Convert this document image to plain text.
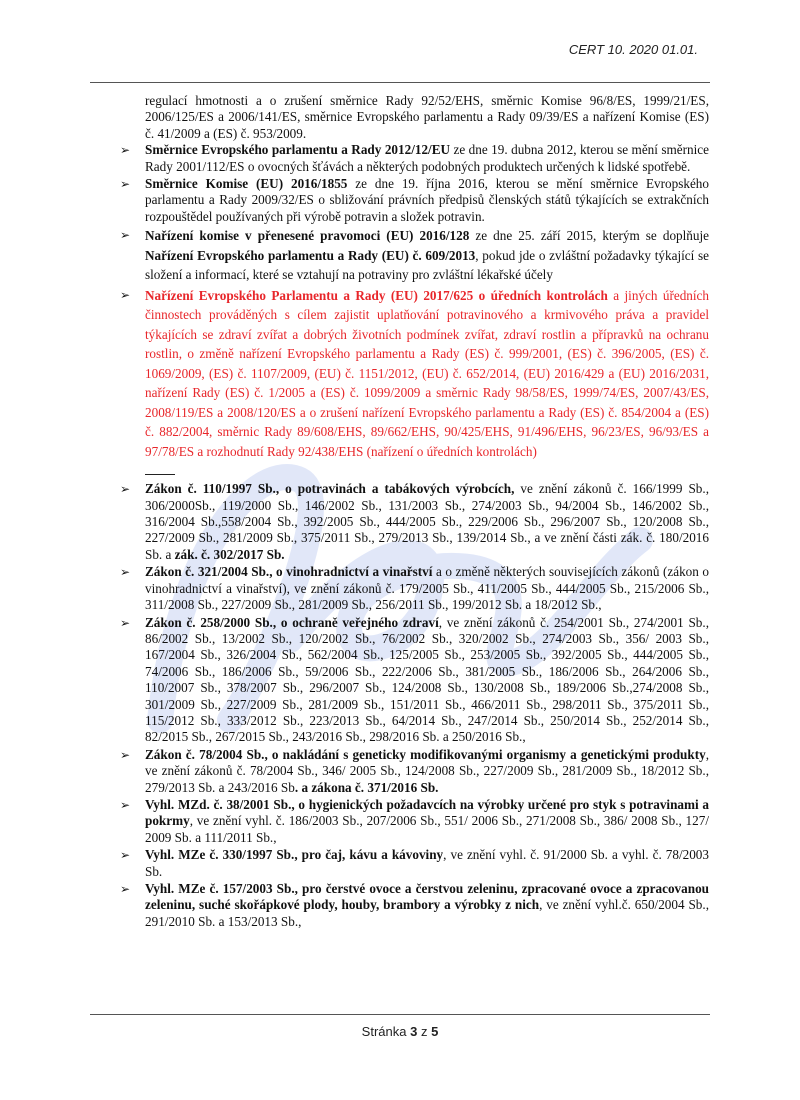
CERT 10. 2020 01.01.
regulací hmotnosti a o zrušení směrnice Rady 92/52/EHS, směrnic Komise 96/8/ES, 1999/21/ES, 2006/125/ES a 2006/141/ES, směrnice Evropského parlamentu a Rady 09/39/ES a nařízení Komise (ES) č. 41/2009 a (ES) č. 953/2009.
➢ Směrnice Evropského parlamentu a Rady 2012/12/EU ze dne 19. dubna 2012, kterou se mění směrnice Rady 2001/112/ES o ovocných šťávách a některých podobných produktech určených k lidské spotřebě.
➢ Směrnice Komise (EU) 2016/1855 ze dne 19. října 2016, kterou se mění směrnice Evropského parlamentu a Rady 2009/32/ES o sbližování právních předpisů členských států týkajících se extrakčních rozpouštědel používaných při výrobě potravin a složek potravin.
➢ Nařízení komise v přenesené pravomoci (EU) 2016/128 ze dne 25. září 2015, kterým se doplňuje Nařízení Evropského parlamentu a Rady (EU) č. 609/2013, pokud jde o zvláštní požadavky týkající se složení a informací, které se vztahují na potraviny pro zvláštní lékařské účely
➢ Nařízení Evropského Parlamentu a Rady (EU) 2017/625 o úředních kontrolách a jiných úředních činnostech prováděných s cílem zajistit uplatňování potravinového a krmivového práva a pravidel týkajících se zdraví zvířat a dobrých životních podmínek zvířat, zdraví rostlin a přípravků na ochranu rostlin, o změně nařízení Evropského parlamentu a Rady (ES) č. 999/2001, (ES) č. 396/2005, (ES) č. 1069/2009, (ES) č. 1107/2009, (EU) č. 1151/2012, (EU) č. 652/2014, (EU) 2016/429 a (EU) 2016/2031, nařízení Rady (ES) č. 1/2005 a (ES) č. 1099/2009 a směrnic Rady 98/58/ES, 1999/74/ES, 2007/43/ES, 2008/119/ES a 2008/120/ES a o zrušení nařízení Evropského parlamentu a Rady (ES) č. 854/2004 a (ES) č. 882/2004, směrnic Rady 89/608/EHS, 89/662/EHS, 90/425/EHS, 91/496/EHS, 96/23/ES, 96/93/ES a 97/78/ES a rozhodnutí Rady 92/438/EHS (nařízení o úředních kontrolách)
➢ Zákon č. 110/1997 Sb., o potravinách a tabákových výrobcích, ve znění zákonů č. 166/1999 Sb., 306/2000Sb., 119/2000 Sb., 146/2002 Sb., 131/2003 Sb., 274/2003 Sb., 94/2004 Sb., 146/2002 Sb., 316/2004 Sb.,558/2004 Sb., 392/2005 Sb., 444/2005 Sb., 229/2006 Sb., 296/2007 Sb., 120/2008 Sb., 227/2009 Sb., 281/2009 Sb., 375/2011 Sb., 279/2013 Sb., 139/2014 Sb., a ve znění části zák. č. 180/2016 Sb. a zák. č. 302/2017 Sb.
➢ Zákon č. 321/2004 Sb., o vinohradnictví a vinařství a o změně některých souvisejících zákonů (zákon o vinohradnictví a vinařství), ve znění zákonů č. 179/2005 Sb., 411/2005 Sb., 444/2005 Sb., 215/2006 Sb., 311/2008 Sb., 227/2009 Sb., 281/2009 Sb., 256/2011 Sb., 199/2012 Sb. a 18/2012 Sb.,
➢ Zákon č. 258/2000 Sb., o ochraně veřejného zdraví, ve znění zákonů č. 254/2001 Sb., 274/2001 Sb., 86/2002 Sb., 13/2002 Sb., 120/2002 Sb., 76/2002 Sb., 320/2002 Sb., 274/2003 Sb., 356/ 2003 Sb., 167/2004 Sb., 326/2004 Sb., 562/2004 Sb., 125/2005 Sb., 253/2005 Sb., 392/2005 Sb., 444/2005 Sb., 74/2006 Sb., 186/2006 Sb., 59/2006 Sb., 222/2006 Sb., 381/2005 Sb., 186/2006 Sb., 264/2006 Sb., 110/2007 Sb., 378/2007 Sb., 296/2007 Sb., 124/2008 Sb., 130/2008 Sb., 189/2006 Sb.,274/2008 Sb., 301/2009 Sb., 227/2009 Sb., 281/2009 Sb., 151/2011 Sb., 466/2011 Sb., 298/2011 Sb., 375/2011 Sb., 115/2012 Sb., 333/2012 Sb., 223/2013 Sb., 64/2014 Sb., 247/2014 Sb., 250/2014 Sb., 252/2014 Sb., 82/2015 Sb., 267/2015 Sb., 243/2016 Sb., 298/2016 Sb. a 250/2016 Sb.,
➢ Zákon č. 78/2004 Sb., o nakládání s geneticky modifikovanými organismy a genetickými produkty, ve znění zákonů č. 78/2004 Sb., 346/ 2005 Sb., 124/2008 Sb., 227/2009 Sb., 281/2009 Sb., 18/2012 Sb., 279/2013 Sb. a 243/2016 Sb. a zákona č. 371/2016 Sb.
➢ Vyhl. MZd. č. 38/2001 Sb., o hygienických požadavcích na výrobky určené pro styk s potravinami a pokrmy, ve znění vyhl. č. 186/2003 Sb., 207/2006 Sb., 551/ 2006 Sb., 271/2008 Sb., 386/ 2008 Sb., 127/ 2009 Sb. a 111/2011 Sb.,
➢ Vyhl. MZe č. 330/1997 Sb., pro čaj, kávu a kávoviny, ve znění vyhl. č. 91/2000 Sb. a vyhl. č. 78/2003 Sb.
➢ Vyhl. MZe č. 157/2003 Sb., pro čerstvé ovoce a čerstvou zeleninu, zpracované ovoce a zpracovanou zeleninu, suché skořápkové plody, houby, brambory a výrobky z nich, ve znění vyhl.č. 650/2004 Sb., 291/2010 Sb. a 153/2013 Sb.,
Stránka 3 z 5
